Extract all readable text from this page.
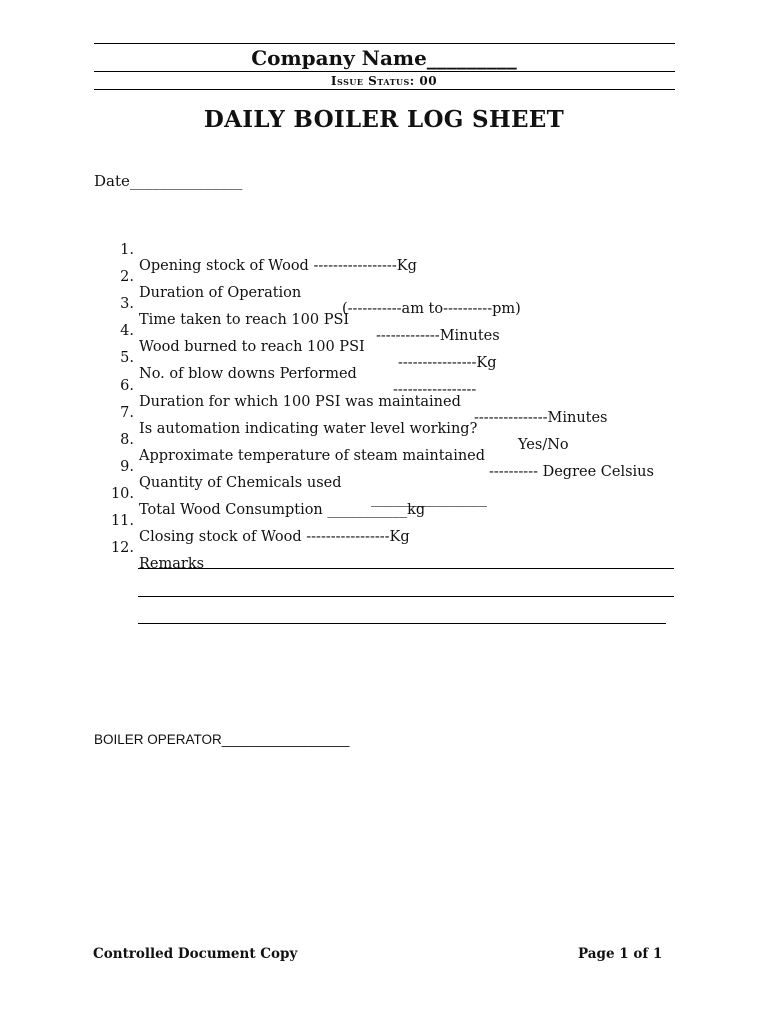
Company Name_________
Issue Status: 00
DAILY BOILER LOG SHEET
Date_______________

1.

Opening stock of Wood -----------------Kg

2.

Duration of Operation

(-----------am to----------pm)

3.

Time taken to reach 100 PSI

-------------Minutes

4.

Wood burned to reach 100 PSI

----------------Kg

5.

No. of blow downs Performed

-----------------

6.

Duration for which 100 PSI was maintained

---------------Minutes

7.

Is automation indicating water level working?

Yes/No

8.

Approximate temperature of steam maintained

---------- Degree Celsius

9.

Quantity of Chemicals used

________________

10.

Total Wood Consumption ___________kg

11.

Closing stock of Wood -----------------Kg

12.

Remarks

BOILER OPERATOR_________________
Controlled Document Copy	Page 1 of 1
